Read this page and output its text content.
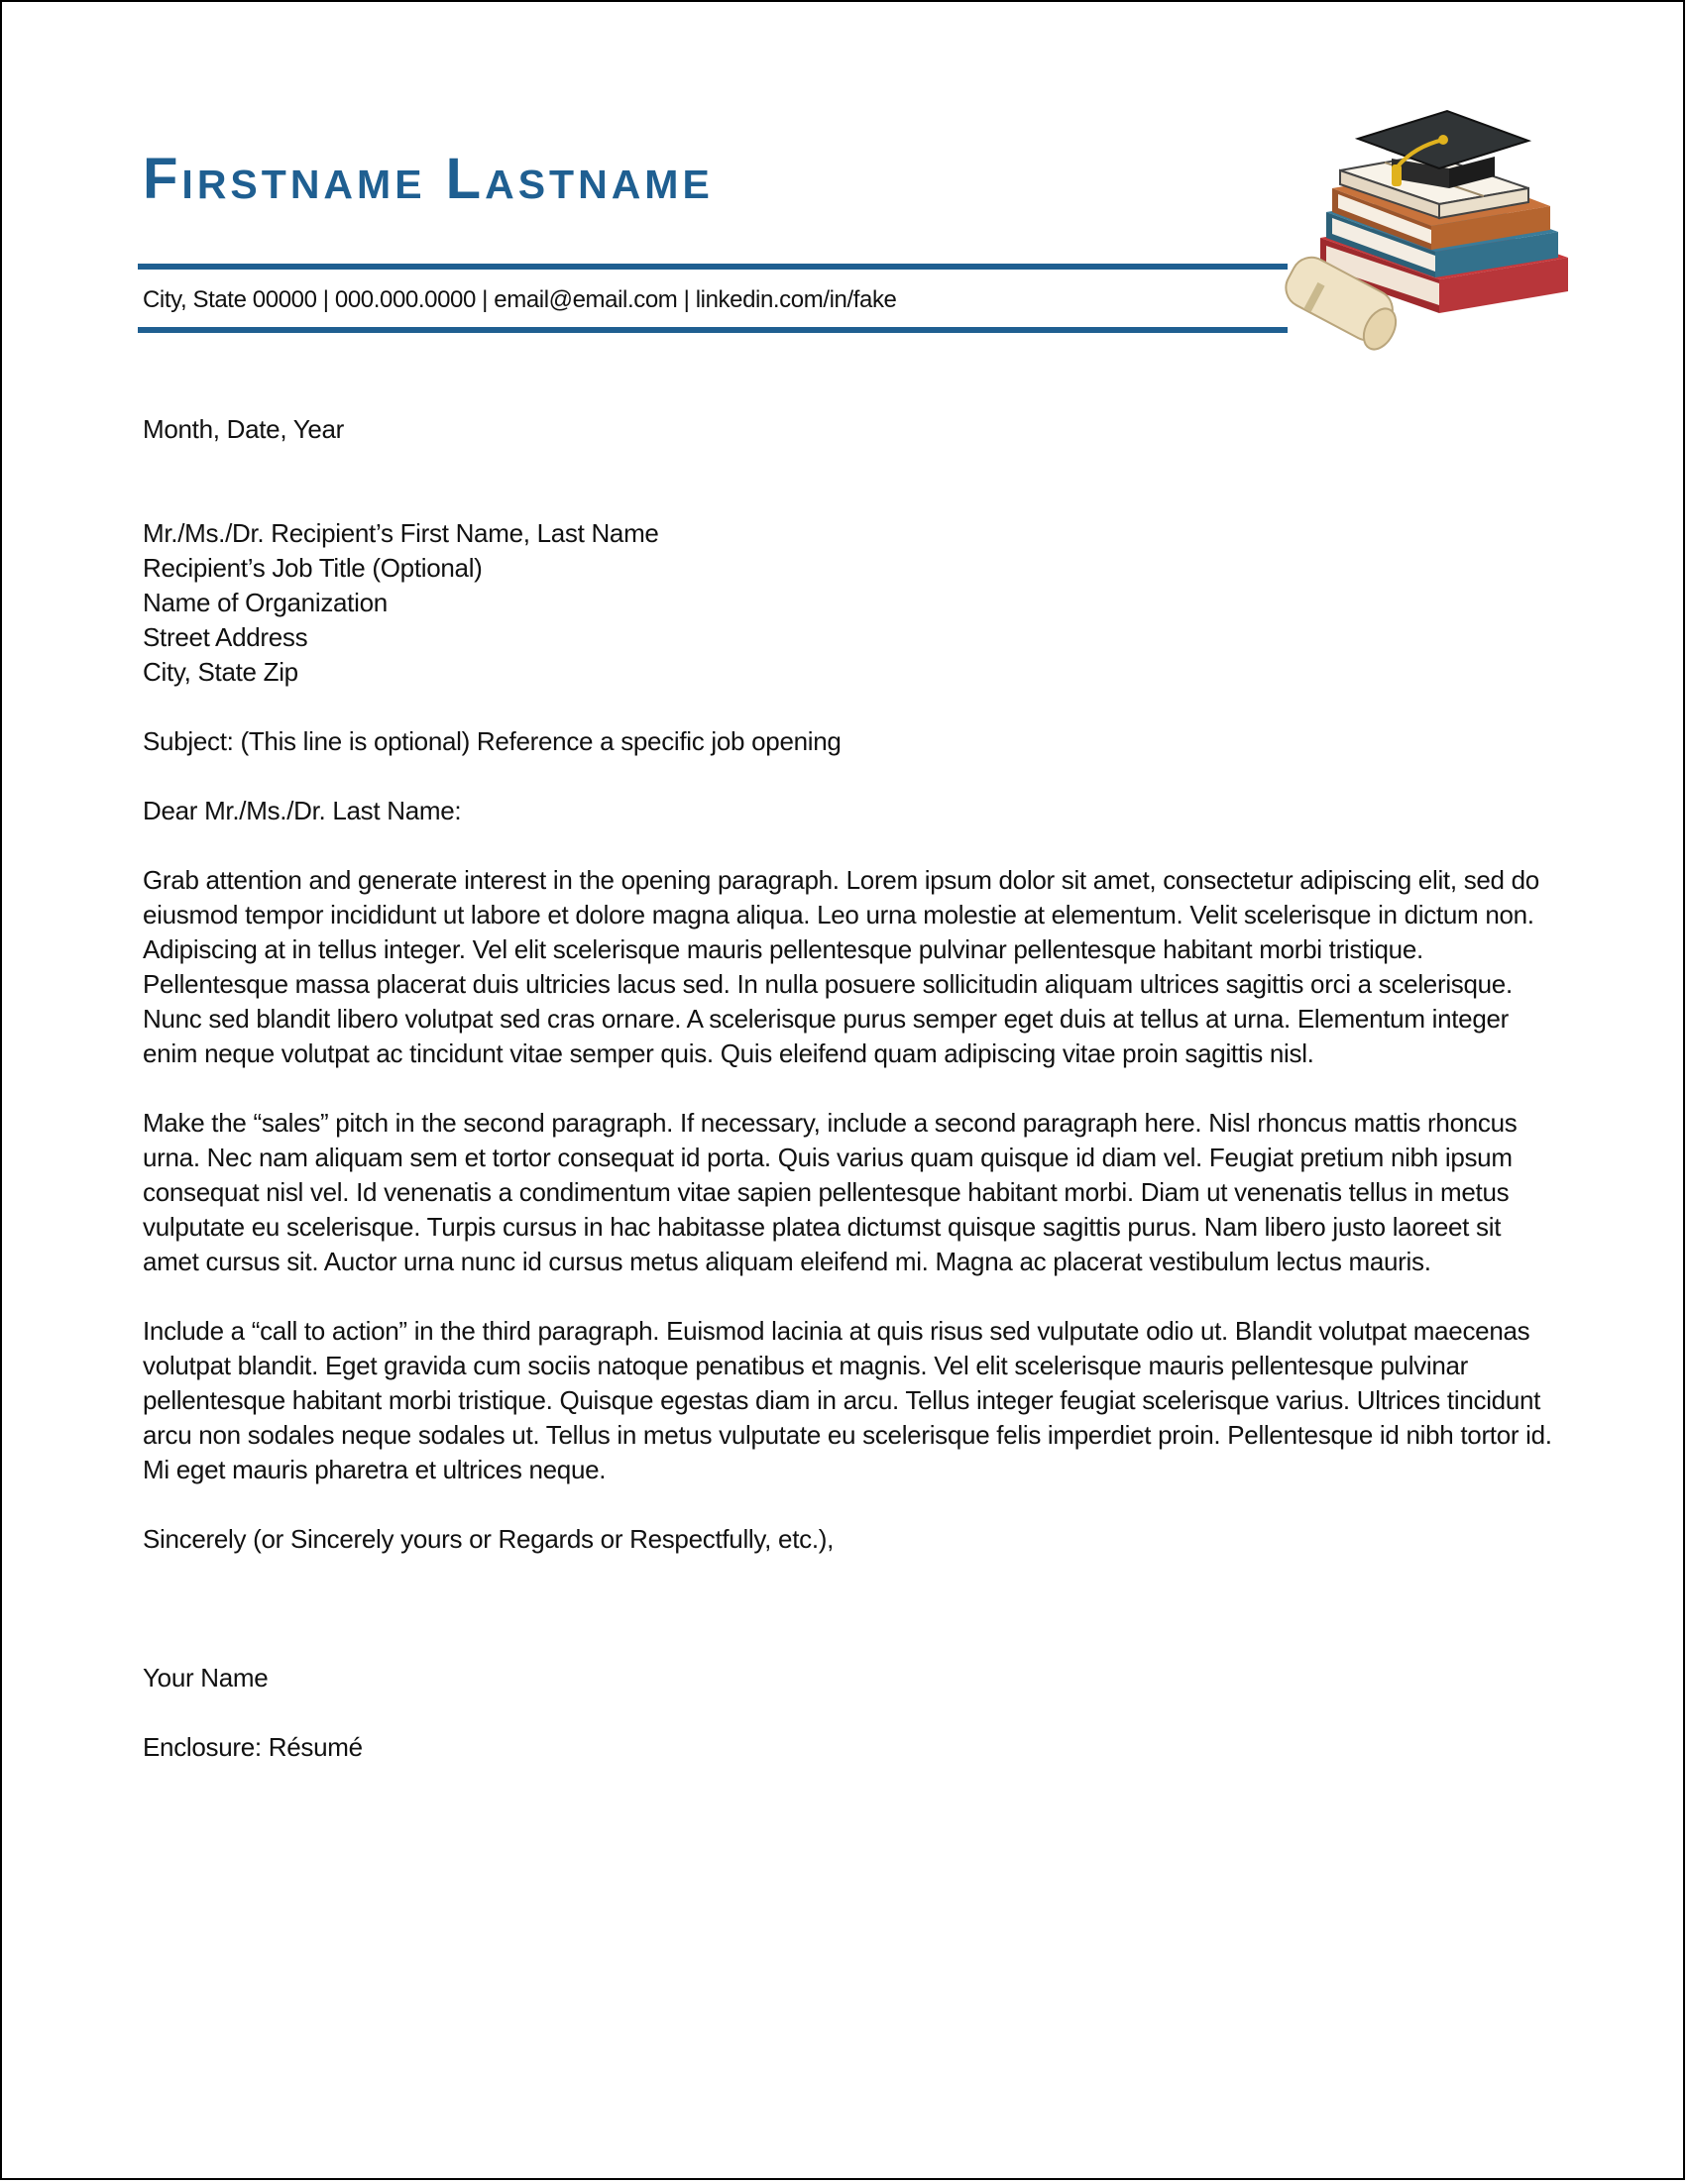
Firstname Lastname
City, State 00000 | 000.000.0000 | email@email.com | linkedin.com/in/fake

Month, Date, Year

Mr./Ms./Dr. Recipient’s First Name, Last Name
Recipient’s Job Title (Optional)
Name of Organization
Street Address
City, State Zip

Subject: (This line is optional) Reference a specific job opening

Dear Mr./Ms./Dr. Last Name:

Grab attention and generate interest in the opening paragraph. Lorem ipsum dolor sit amet, consectetur adipiscing elit, sed do
eiusmod tempor incididunt ut labore et dolore magna aliqua. Leo urna molestie at elementum. Velit scelerisque in dictum non.
Adipiscing at in tellus integer. Vel elit scelerisque mauris pellentesque pulvinar pellentesque habitant morbi tristique.
Pellentesque massa placerat duis ultricies lacus sed. In nulla posuere sollicitudin aliquam ultrices sagittis orci a scelerisque.
Nunc sed blandit libero volutpat sed cras ornare. A scelerisque purus semper eget duis at tellus at urna. Elementum integer
enim neque volutpat ac tincidunt vitae semper quis. Quis eleifend quam adipiscing vitae proin sagittis nisl.

Make the “sales” pitch in the second paragraph. If necessary, include a second paragraph here. Nisl rhoncus mattis rhoncus
urna. Nec nam aliquam sem et tortor consequat id porta. Quis varius quam quisque id diam vel. Feugiat pretium nibh ipsum
consequat nisl vel. Id venenatis a condimentum vitae sapien pellentesque habitant morbi. Diam ut venenatis tellus in metus
vulputate eu scelerisque. Turpis cursus in hac habitasse platea dictumst quisque sagittis purus. Nam libero justo laoreet sit
amet cursus sit. Auctor urna nunc id cursus metus aliquam eleifend mi. Magna ac placerat vestibulum lectus mauris.

Include a “call to action” in the third paragraph. Euismod lacinia at quis risus sed vulputate odio ut. Blandit volutpat maecenas
volutpat blandit. Eget gravida cum sociis natoque penatibus et magnis. Vel elit scelerisque mauris pellentesque pulvinar
pellentesque habitant morbi tristique. Quisque egestas diam in arcu. Tellus integer feugiat scelerisque varius. Ultrices tincidunt
arcu non sodales neque sodales ut. Tellus in metus vulputate eu scelerisque felis imperdiet proin. Pellentesque id nibh tortor id.
Mi eget mauris pharetra et ultrices neque.

Sincerely (or Sincerely yours or Regards or Respectfully, etc.),

Your Name

Enclosure: Résumé
